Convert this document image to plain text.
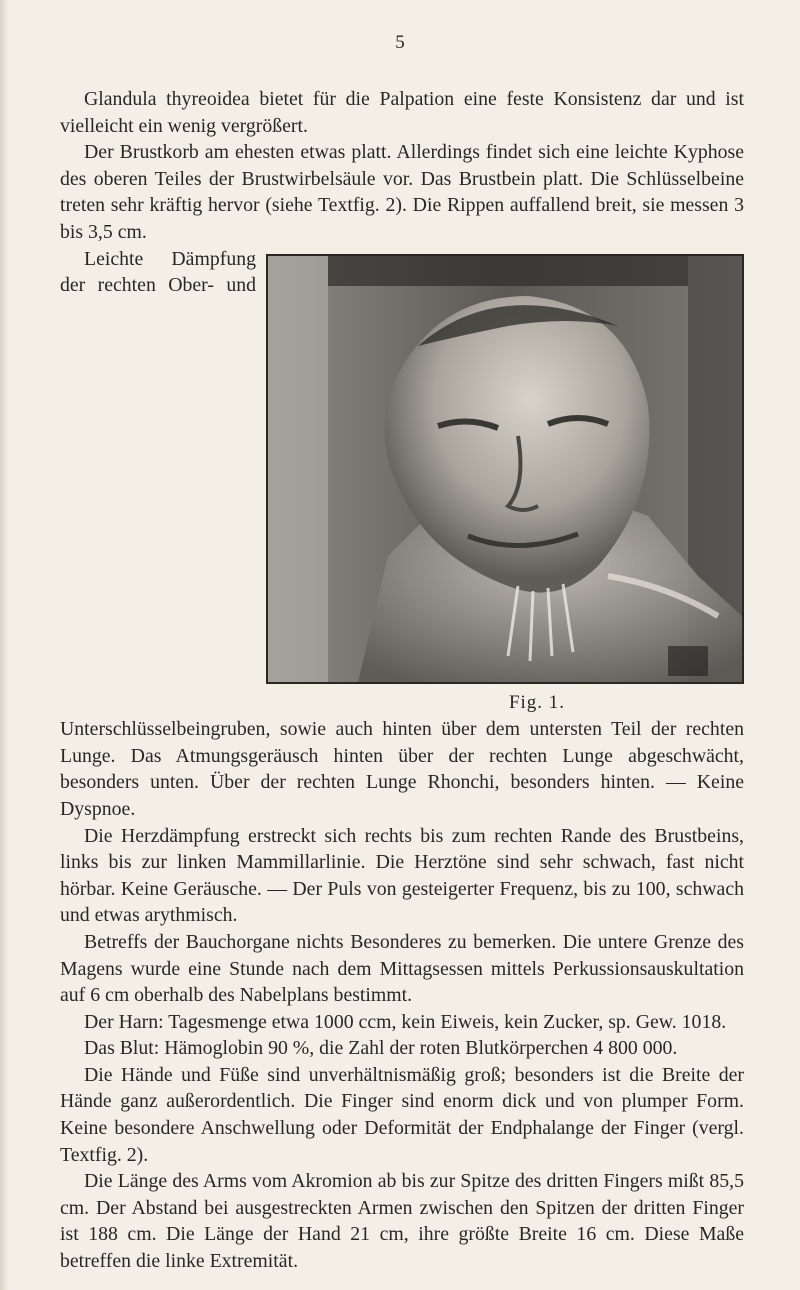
5

Glandula thyreoidea bietet für die Palpation eine feste Konsistenz dar und ist vielleicht ein wenig vergrößert.

Der Brustkorb am ehesten etwas platt. Allerdings findet sich eine leichte Kyphose des oberen Teiles der Brustwirbelsäule vor. Das Brustbein platt. Die Schlüsselbeine treten sehr kräftig hervor (siehe Textfig. 2). Die Rippen auffallend breit, sie messen 3 bis 3,5 cm.

Fig. 1.

Leichte Dämpfung der rechten Ober- und Unterschlüsselbeingruben, sowie auch hinten über dem untersten Teil der rechten Lunge. Das Atmungsgeräusch hinten über der rechten Lunge abgeschwächt, besonders unten. Über der rechten Lunge Rhonchi, besonders hinten. — Keine Dyspnoe.

Die Herzdämpfung erstreckt sich rechts bis zum rechten Rande des Brustbeins, links bis zur linken Mammillarlinie. Die Herztöne sind sehr schwach, fast nicht hörbar. Keine Geräusche. — Der Puls von gesteigerter Frequenz, bis zu 100, schwach und etwas arythmisch.

Betreffs der Bauchorgane nichts Besonderes zu bemerken. Die untere Grenze des Magens wurde eine Stunde nach dem Mittagsessen mittels Perkussionsauskultation auf 6 cm oberhalb des Nabelplans bestimmt.

Der Harn: Tagesmenge etwa 1000 ccm, kein Eiweis, kein Zucker, sp. Gew. 1018.

Das Blut: Hämoglobin 90 %, die Zahl der roten Blutkörperchen 4 800 000.

Die Hände und Füße sind unverhältnismäßig groß; besonders ist die Breite der Hände ganz außerordentlich. Die Finger sind enorm dick und von plumper Form. Keine besondere Anschwellung oder Deformität der Endphalange der Finger (vergl. Textfig. 2).

Die Länge des Arms vom Akromion ab bis zur Spitze des dritten Fingers mißt 85,5 cm. Der Abstand bei ausgestreckten Armen zwischen den Spitzen der dritten Finger ist 188 cm. Die Länge der Hand 21 cm, ihre größte Breite 16 cm. Diese Maße betreffen die linke Extremität.
